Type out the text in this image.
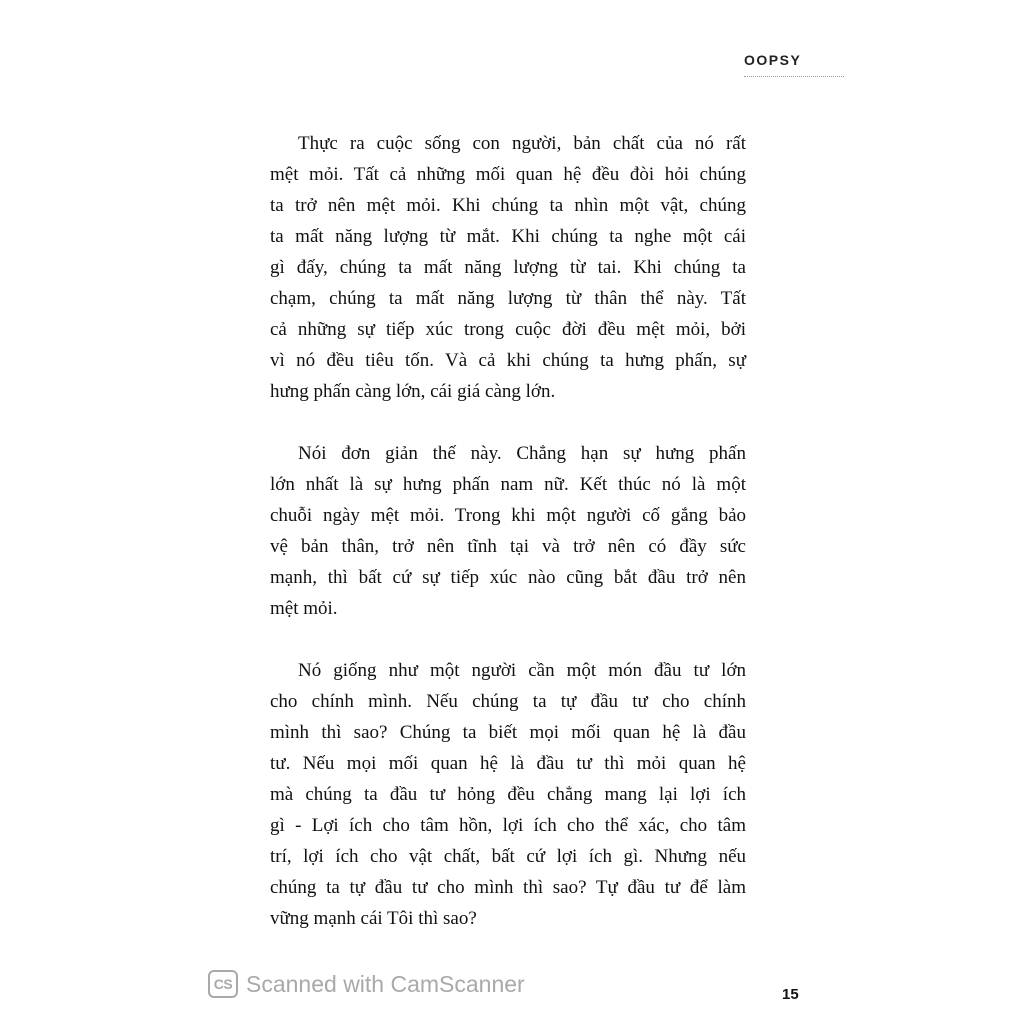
OOPSY

Thực ra cuộc sống con người, bản chất của nó rất
mệt mỏi. Tất cả những mối quan hệ đều đòi hỏi chúng
ta trở nên mệt mỏi. Khi chúng ta nhìn một vật, chúng
ta mất năng lượng từ mắt. Khi chúng ta nghe một cái
gì đấy, chúng ta mất năng lượng từ tai. Khi chúng ta
chạm, chúng ta mất năng lượng từ thân thể này. Tất
cả những sự tiếp xúc trong cuộc đời đều mệt mỏi, bởi
vì nó đều tiêu tốn. Và cả khi chúng ta hưng phấn, sự
hưng phấn càng lớn, cái giá càng lớn.

Nói đơn giản thế này. Chẳng hạn sự hưng phấn
lớn nhất là sự hưng phấn nam nữ. Kết thúc nó là một
chuỗi ngày mệt mỏi. Trong khi một người cố gắng bảo
vệ bản thân, trở nên tĩnh tại và trở nên có đầy sức
mạnh, thì bất cứ sự tiếp xúc nào cũng bắt đầu trở nên
mệt mỏi.

Nó giống như một người cần một món đầu tư lớn
cho chính mình. Nếu chúng ta tự đầu tư cho chính
mình thì sao? Chúng ta biết mọi mối quan hệ là đầu
tư. Nếu mọi mối quan hệ là đầu tư thì mỏi quan hệ
mà chúng ta đầu tư hỏng đều chẳng mang lại lợi ích
gì - Lợi ích cho tâm hồn, lợi ích cho thể xác, cho tâm
trí, lợi ích cho vật chất, bất cứ lợi ích gì. Nhưng nếu
chúng ta tự đầu tư cho mình thì sao? Tự đầu tư để làm
vững mạnh cái Tôi thì sao?

CS Scanned with CamScanner	15
